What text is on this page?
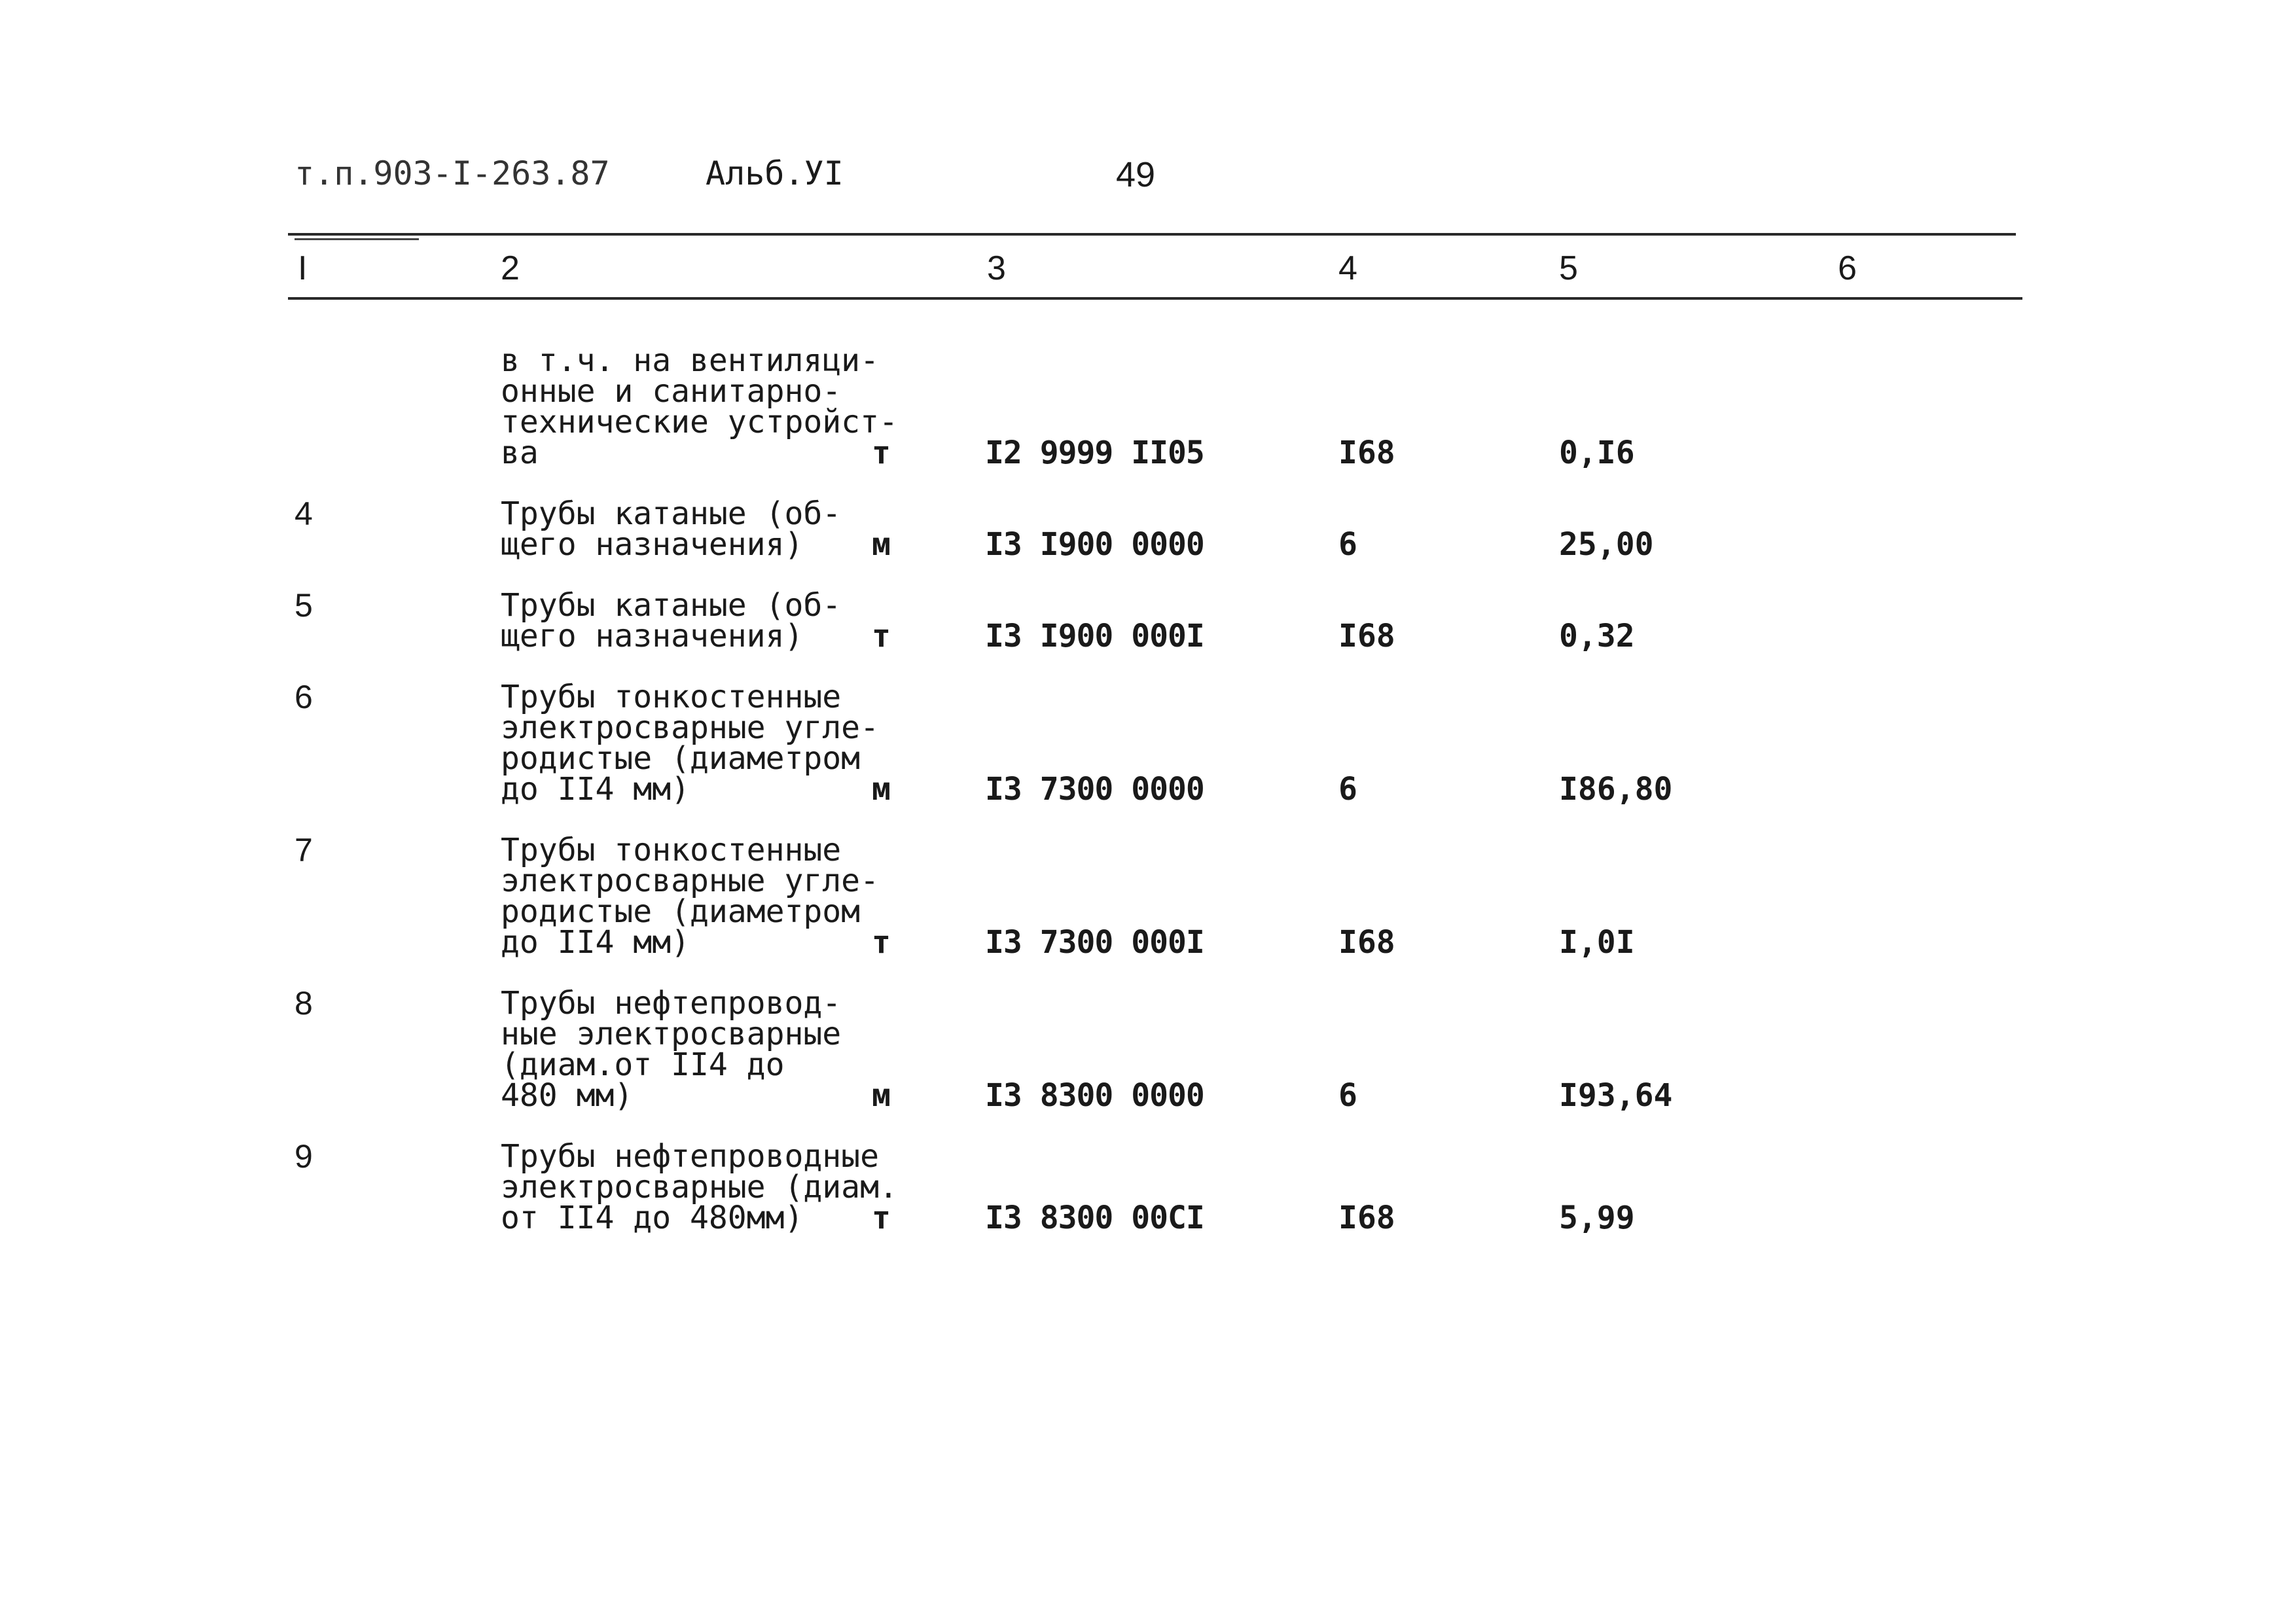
т.п.903-I-263.87	Альб.УI	49
I	2	3	4	5	6
в т.ч. на вентиляци-
онные и санитарно-
технические устройст-
ва	т	I2 9999 II05	I68	0,I6
4	Трубы катаные (об-
щего назначения)	м	I3 I900 0000	6	25,00
5	Трубы катаные (об-
щего назначения)	т	I3 I900 000I	I68	0,32
6	Трубы тонкостенные
электросварные угле-
родистые (диаметром
до II4 мм)	м	I3 7300 0000	6	I86,80
7	Трубы тонкостенные
электросварные угле-
родистые (диаметром
до II4 мм)	т	I3 7300 000I	I68	I,0I
8	Трубы нефтепровод-
ные электросварные
(диам.от II4 до
480 мм)	м	I3 8300 0000	6	I93,64
9	Трубы нефтепроводные
электросварные (диам.
от II4 до 480мм)	т	I3 8300 00CI	I68	5,99
